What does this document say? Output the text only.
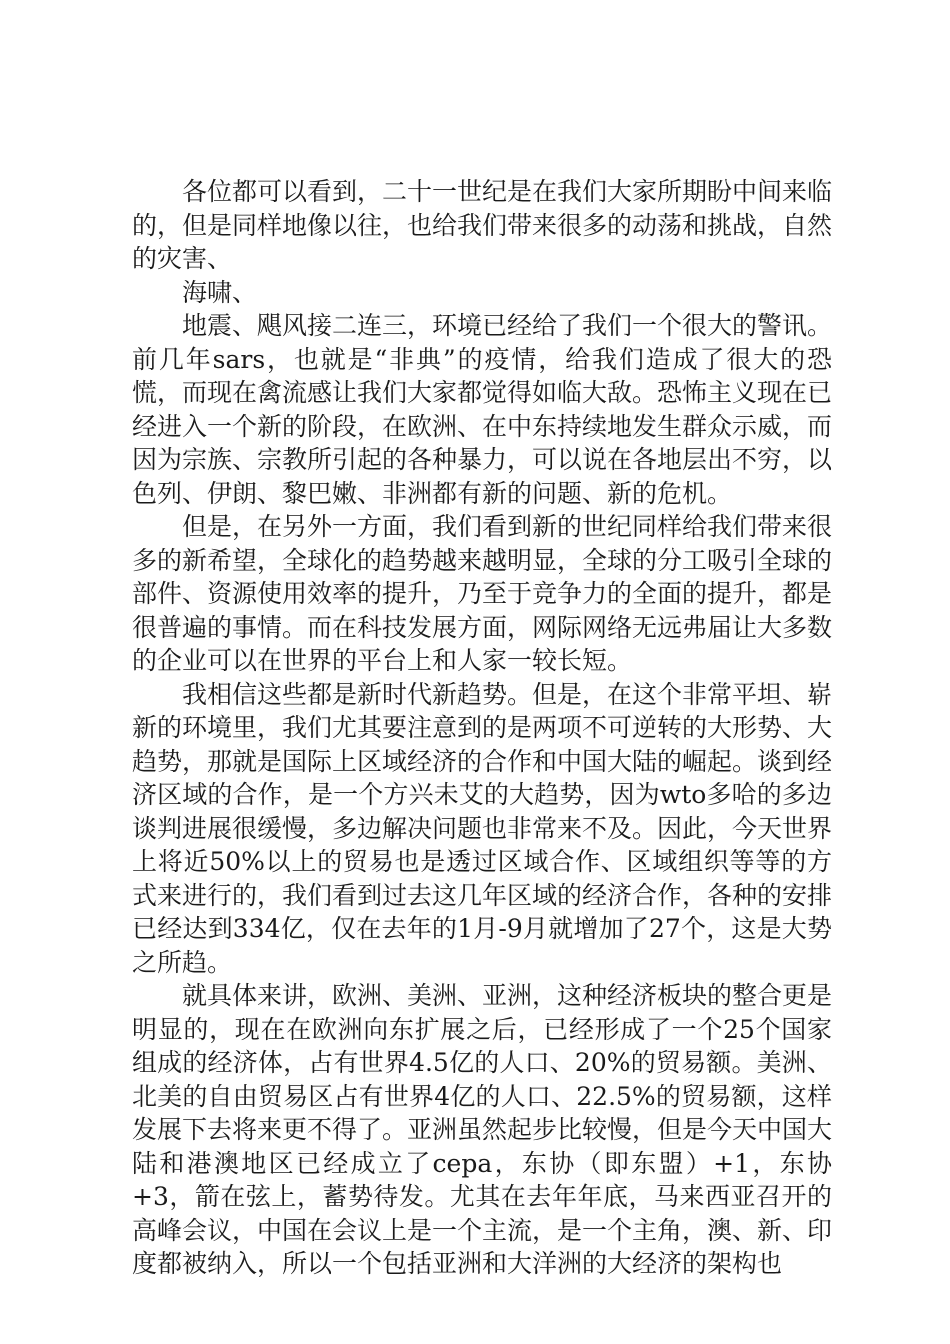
各位都可以看到，二十一世纪是在我们大家所期盼中间来临的，但是同样地像以往，也给我们带来很多的动荡和挑战，自然的灾害、

海啸、

地震、飓风接二连三，环境已经给了我们一个很大的警讯。前几年sars，也就是“非典”的疫情，给我们造成了很大的恐慌，而现在禽流感让我们大家都觉得如临大敌。恐怖主义现在已经进入一个新的阶段，在欧洲、在中东持续地发生群众示威，而因为宗族、宗教所引起的各种暴力，可以说在各地层出不穷，以色列、伊朗、黎巴嫩、非洲都有新的问题、新的危机。

但是，在另外一方面，我们看到新的世纪同样给我们带来很多的新希望，全球化的趋势越来越明显，全球的分工吸引全球的部件、资源使用效率的提升，乃至于竞争力的全面的提升，都是很普遍的事情。而在科技发展方面，网际网络无远弗届让大多数的企业可以在世界的平台上和人家一较长短。

我相信这些都是新时代新趋势。但是，在这个非常平坦、崭新的环境里，我们尤其要注意到的是两项不可逆转的大形势、大趋势，那就是国际上区域经济的合作和中国大陆的崛起。谈到经济区域的合作，是一个方兴未艾的大趋势，因为wto多哈的多边谈判进展很缓慢，多边解决问题也非常来不及。因此，今天世界上将近50%以上的贸易也是透过区域合作、区域组织等等的方式来进行的，我们看到过去这几年区域的经济合作，各种的安排已经达到334亿，仅在去年的1月-9月就增加了27个，这是大势之所趋。

就具体来讲，欧洲、美洲、亚洲，这种经济板块的整合更是明显的，现在在欧洲向东扩展之后，已经形成了一个25个国家组成的经济体，占有世界4.5亿的人口、20%的贸易额。美洲、北美的自由贸易区占有世界4亿的人口、22.5%的贸易额，这样发展下去将来更不得了。亚洲虽然起步比较慢，但是今天中国大陆和港澳地区已经成立了cepa，东协（即东盟）+1，东协+3，箭在弦上，蓄势待发。尤其在去年年底，马来西亚召开的高峰会议，中国在会议上是一个主流，是一个主角，澳、新、印度都被纳入，所以一个包括亚洲和大洋洲的大经济的架构也
